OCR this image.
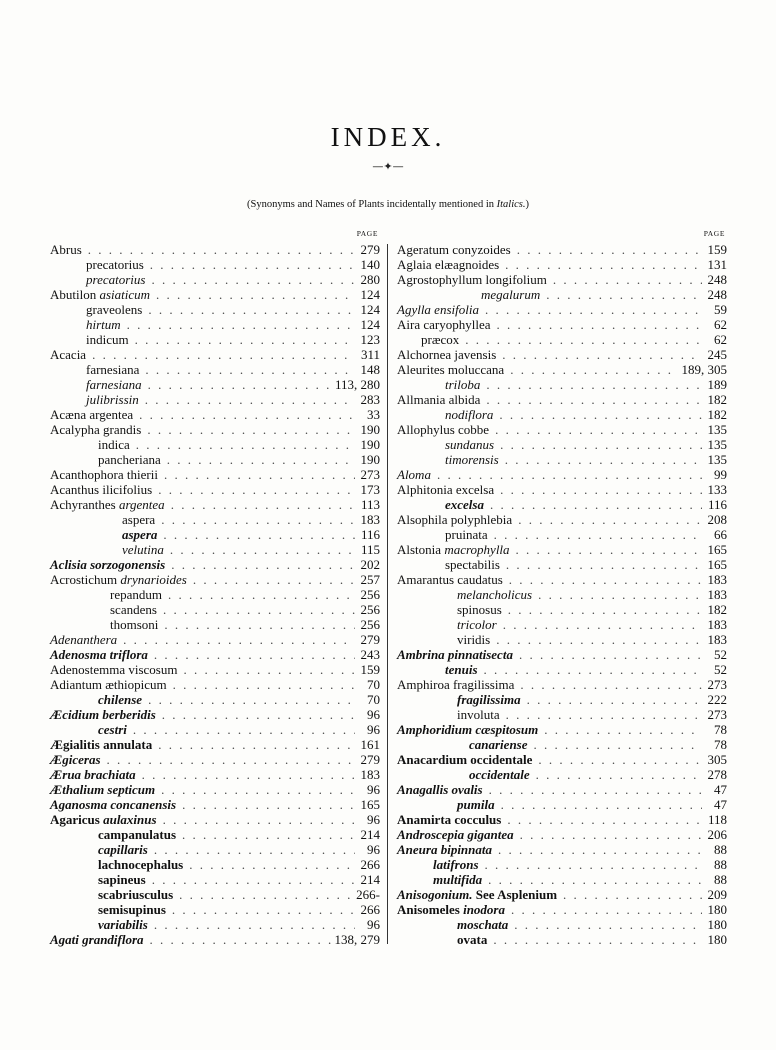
INDEX.
—✦—
(Synonyms and Names of Plants incidentally mentioned in Italics.)
PAGE
Abrus . . .	279
precatorius . . .	140
precatorius . . .	280
Abutilon asiaticum . . .	124
graveolens . . .	124
hirtum . . .	124
indicum . . .	123
Acacia . . .	311
farnesiana . . .	148
farnesiana . . .	113, 280
julibrissin . . .	283
Acæna argentea . . .	33
Acalypha grandis . . .	190
indica . . .	190
pancheriana . . .	190
Acanthophora thierii . . .	273
Acanthus ilicifolius . . .	173
Achyranthes argentea . . .	113
aspera . . .	183
aspera . . .	116
velutina . . .	115
Aclisia sorzogonensis . . .	202
Acrostichum drynarioides . . .	257
repandum . . .	256
scandens . . .	256
thomsoni . . .	256
Adenanthera . . .	279
Adenosma triflora . . .	243
Adenostemma viscosum . . .	159
Adiantum æthiopicum . . .	70
chilense . . .	70
Æcidium berberidis . . .	96
cestri . . .	96
Ægialitis annulata . . .	161
Ægiceras . . .	279
Ærua brachiata . . .	183
Æthalium septicum . . .	96
Aganosma concanensis . . .	165
Agaricus aulaxinus . . .	96
campanulatus . . .	214
capillaris . . .	96
lachnocephalus . . .	266
sapineus . . .	214
scabriusculus . . .	266-
semisupinus . . .	266
variabilis . . .	96
Agati grandiflora . . .	138, 279
PAGE
Ageratum conyzoides . . .	159
Aglaia elæagnoides . . .	131
Agrostophyllum longifolium . . .	248
megalurum . . .	248
Agylla ensifolia . . .	59
Aira caryophyllea . . .	62
præcox . . .	62
Alchornea javensis . . .	245
Aleurites moluccana . . .	189, 305
triloba . . .	189
Allmania albida . . .	182
nodiflora . . .	182
Allophylus cobbe . . .	135
sundanus . . .	135
timorensis . . .	135
Aloma . . .	99
Alphitonia excelsa . . .	133
excelsa . . .	116
Alsophila polyphlebia . . .	208
pruinata . . .	66
Alstonia macrophylla . . .	165
spectabilis . . .	165
Amarantus caudatus . . .	183
melancholicus . . .	183
spinosus . . .	182
tricolor . . .	183
viridis . . .	183
Ambrina pinnatisecta . . .	52
tenuis . . .	52
Amphiroa fragilissima . . .	273
fragilissima . . .	222
involuta . . .	273
Amphoridium cæspitosum . . .	78
canariense . . .	78
Anacardium occidentale . . .	305
occidentale . . .	278
Anagallis ovalis . . .	47
pumila . . .	47
Anamirta cocculus . . .	118
Androscepia gigantea . . .	206
Aneura bipinnata . . .	88
latifrons . . .	88
multifida . . .	88
Anisogonium. See Asplenium . . .	209
Anisomeles inodora . . .	180
moschata . . .	180
ovata . . .	180
